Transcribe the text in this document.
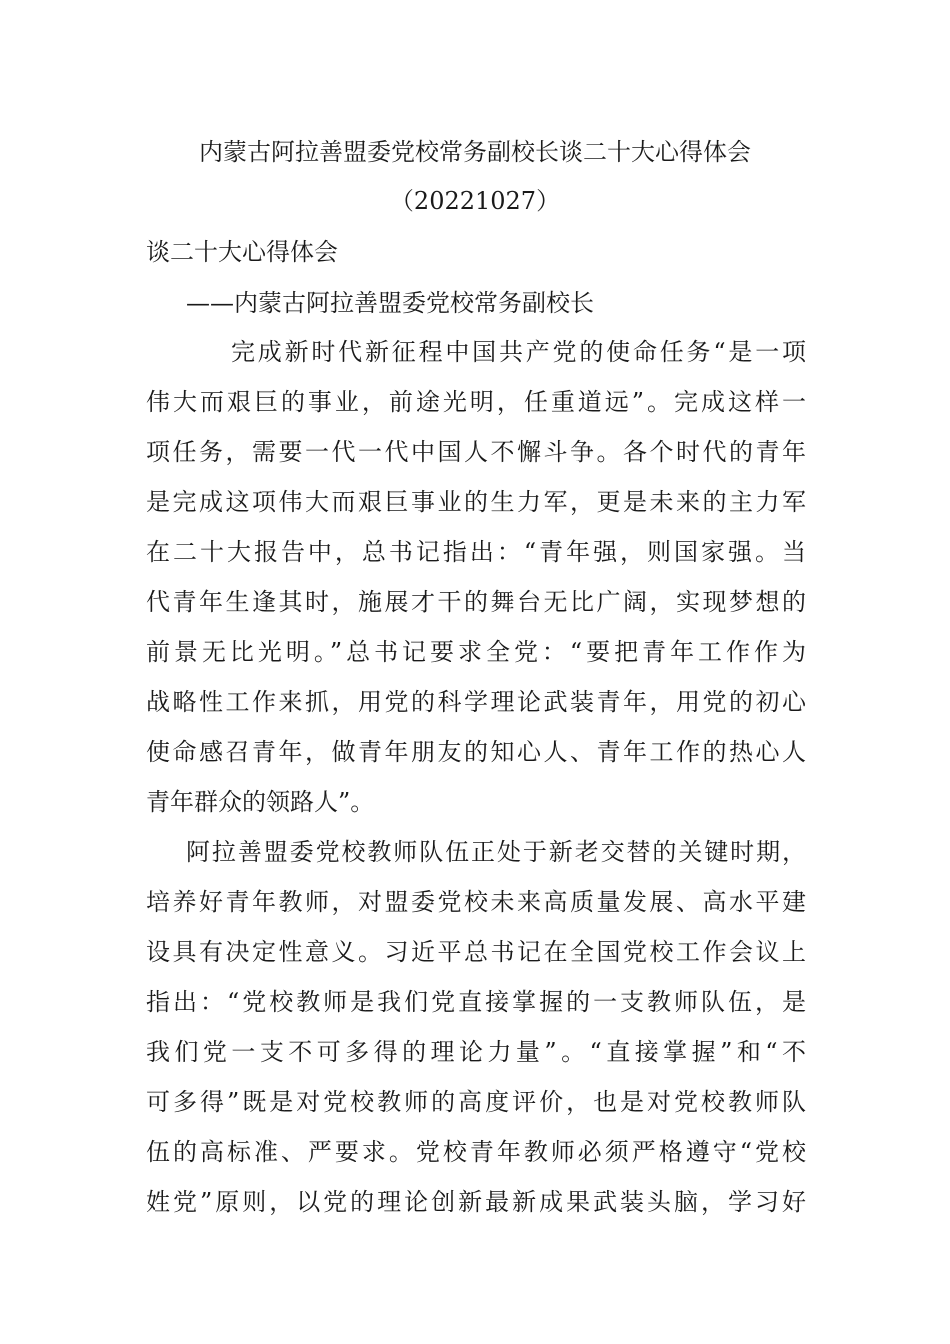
内蒙古阿拉善盟委党校常务副校长谈二十大心得体会
（20221027）
谈二十大心得体会
——内蒙古阿拉善盟委党校常务副校长
完成新时代新征程中国共产党的使命任务“是一项
伟大而艰巨的事业，前途光明，任重道远”。完成这样一
项任务，需要一代一代中国人不懈斗争。各个时代的青年
是完成这项伟大而艰巨事业的生力军，更是未来的主力军
在二十大报告中，总书记指出：“青年强，则国家强。当
代青年生逢其时，施展才干的舞台无比广阔，实现梦想的
前景无比光明。”总书记要求全党：“要把青年工作作为
战略性工作来抓，用党的科学理论武装青年，用党的初心
使命感召青年，做青年朋友的知心人、青年工作的热心人
青年群众的领路人”。
阿拉善盟委党校教师队伍正处于新老交替的关键时期，
培养好青年教师，对盟委党校未来高质量发展、高水平建
设具有决定性意义。习近平总书记在全国党校工作会议上
指出：“党校教师是我们党直接掌握的一支教师队伍，是
我们党一支不可多得的理论力量”。“直接掌握”和“不
可多得”既是对党校教师的高度评价，也是对党校教师队
伍的高标准、严要求。党校青年教师必须严格遵守“党校
姓党”原则，以党的理论创新最新成果武装头脑，学习好
